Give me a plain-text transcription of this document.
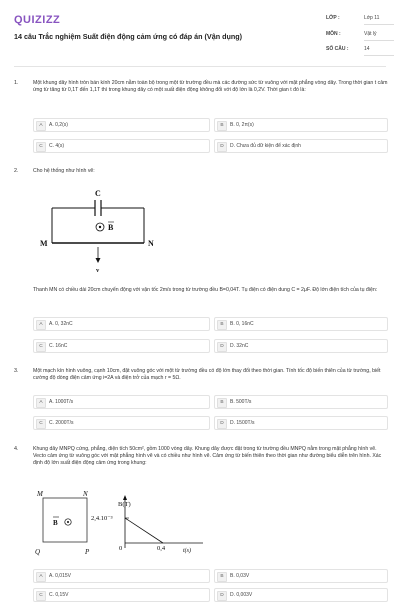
QUIZIZZ
14 câu Trắc nghiệm Suất điện động cảm ứng có đáp án (Vận dụng)
LỚP :	Lớp 11
MÔN :	Vật lý
SỐ CÂU :	14
1.	Một khung dây hình tròn bán kính 20cm nằm toàn bộ trong một từ trường đều mà các đường sức từ vuông với mặt phẳng vòng dây. Trong thời gian t cảm ứng từ tăng từ 0,1T đến 1,1T thì trong khung dây có một suất điện động không đổi với độ lớn là 0,2V. Thời gian t đó là:
A	A. 0,2(s)	B	B. 0, 2π(s)
C	C. 4(s)	D	D. Chưa đủ dữ kiện để xác định
2.	Cho hệ thống như hình vẽ:
C
M	N
B
v
Thanh MN có chiều dài 20cm chuyển động với vận tốc 2m/s trong từ trường đều B=0,04T. Tụ điện có điện dung C = 2μF. Độ lớn điện tích của tụ điện:
A	A. 0, 32nC	B	B. 0, 16nC
C	C. 16nC	D	D. 32nC
3.	Một mạch kín hình vuông, cạnh 10cm, đặt vuông góc với một từ trường đều có độ lớn thay đổi theo thời gian. Tính tốc độ biến thiên của từ trường, biết cường độ dòng điện cảm ứng i=2A và điện trở của mạch r = 5Ω.
A	A. 1000T/s	B	B. 500T/s
C	C. 2000T/s	D	D. 1500T/s
4.	Khung dây MNPQ cứng, phẳng, diện tích 50cm², gồm 1000 vòng dây. Khung dây được đặt trong từ trường đều MNPQ nằm trong mặt phẳng hình vẽ. Vecto cảm ứng từ vuông góc với mặt phẳng hình vẽ và có chiều như hình vẽ. Cảm ứng từ biến thiên theo thời gian như đường biểu diễn trên hình. Xác định độ lớn suất điện động cảm ứng trong khung:
M	N
Q	P
B
B(T)
2,4.10⁻³
0	0,4	t(s)
A	A. 0,015V	B	B. 0,03V
C	C. 0,15V	D	D. 0,003V
